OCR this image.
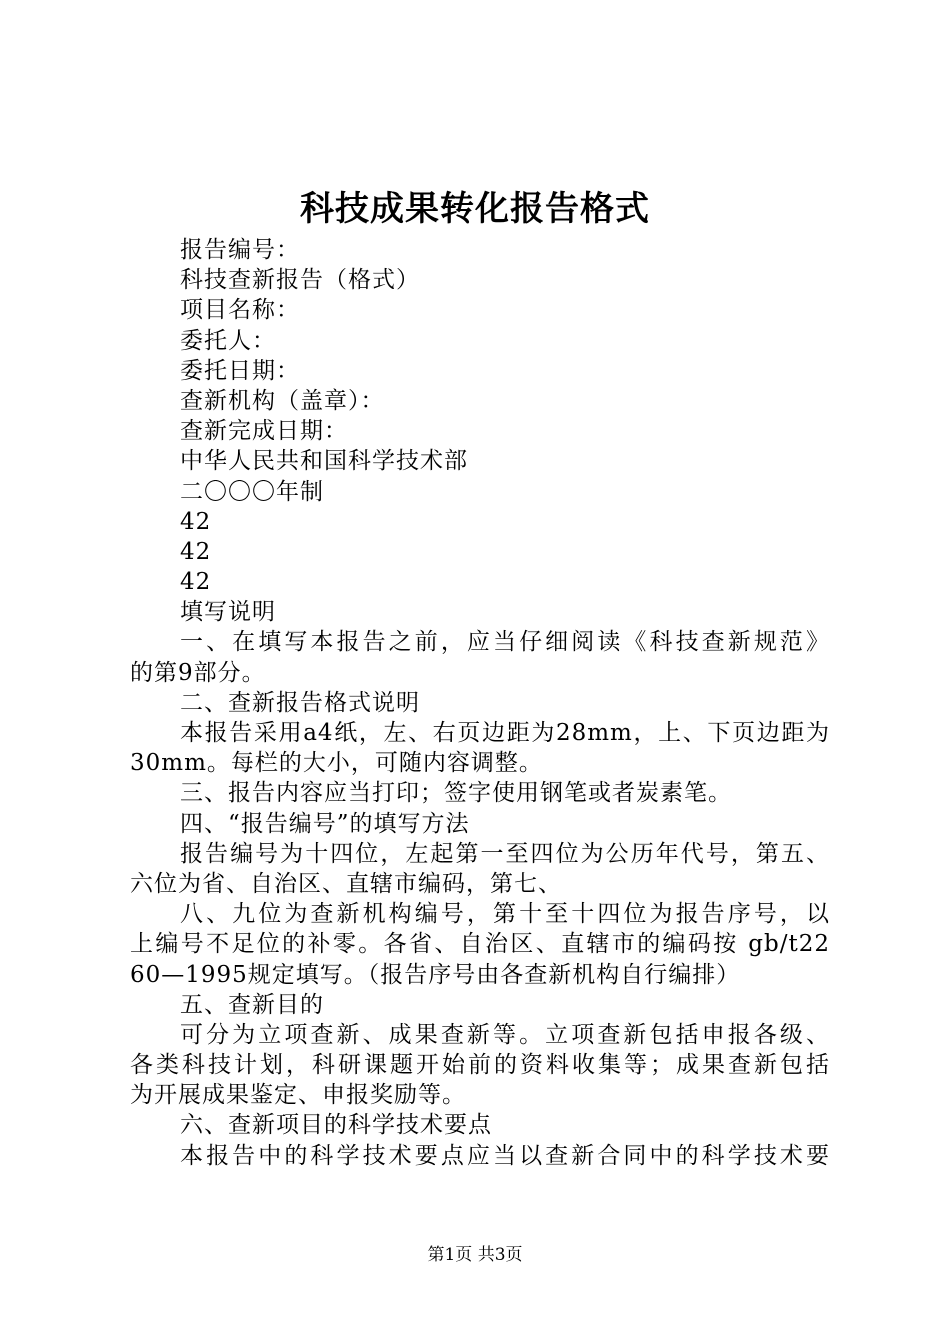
科技成果转化报告格式
报告编号：
科技查新报告（格式）
项目名称：
委托人：
委托日期：
查新机构（盖章）：
查新完成日期：
中华人民共和国科学技术部
二〇〇〇年制
42
42
42
填写说明
一、在填写本报告之前，应当仔细阅读《科技查新规范》
的第9部分。
二、查新报告格式说明
本报告采用a4纸，左、右页边距为28mm，上、下页边距为
30mm。每栏的大小，可随内容调整。
三、报告内容应当打印；签字使用钢笔或者炭素笔。
四、“报告编号”的填写方法
报告编号为十四位，左起第一至四位为公历年代号，第五、
六位为省、自治区、直辖市编码，第七、
八、九位为查新机构编号，第十至十四位为报告序号，以
上编号不足位的补零。各省、自治区、直辖市的编码按 gb/t22
60—1995规定填写。（报告序号由各查新机构自行编排）
五、查新目的
可分为立项查新、成果查新等。立项查新包括申报各级、
各类科技计划，科研课题开始前的资料收集等；成果查新包括
为开展成果鉴定、申报奖励等。
六、查新项目的科学技术要点
本报告中的科学技术要点应当以查新合同中的科学技术要
第1页 共3页
